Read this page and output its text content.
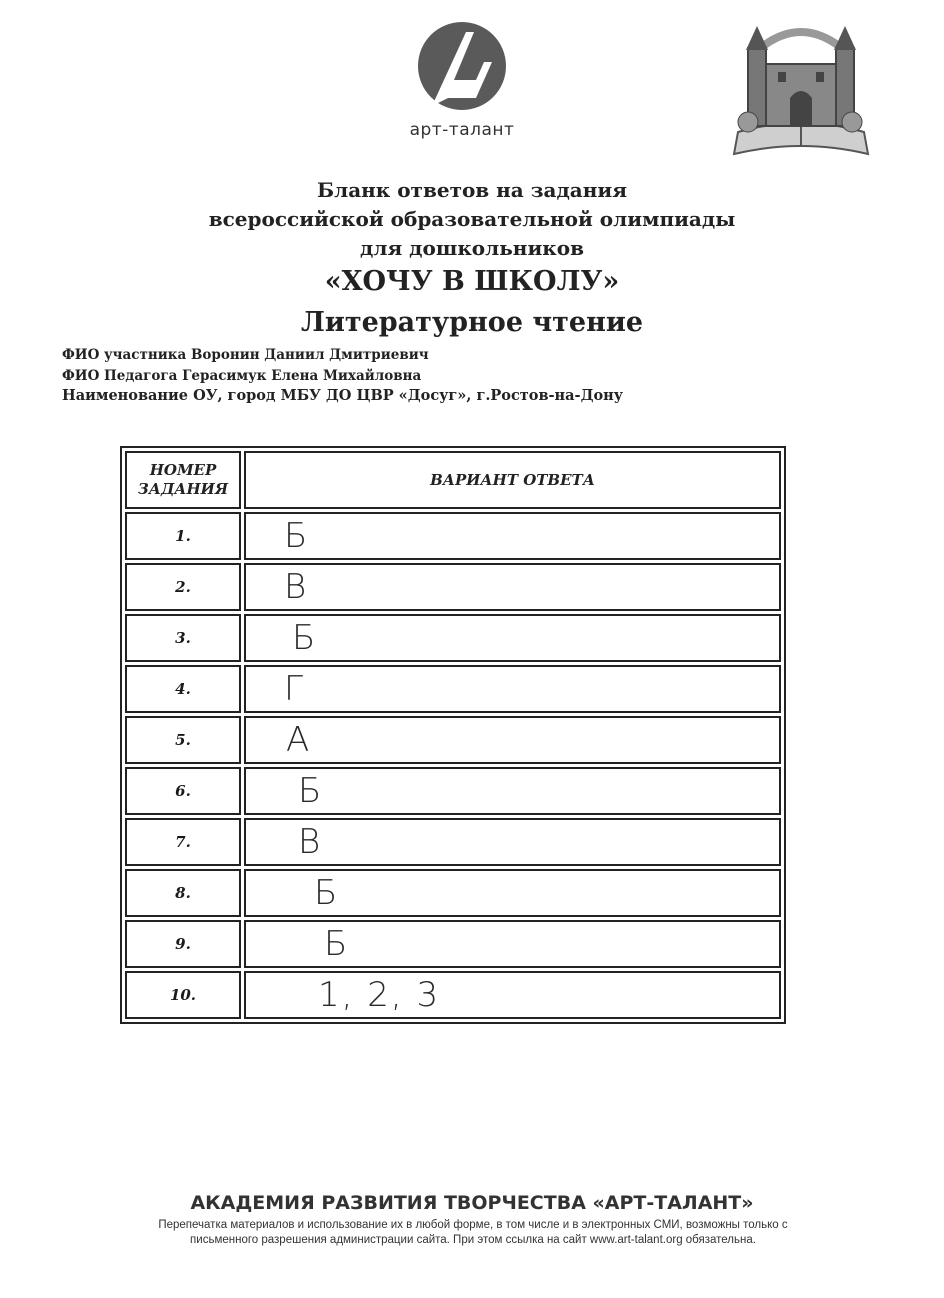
арт-талант
Бланк ответов на задания
всероссийской образовательной олимпиады
для дошкольников
«ХОЧУ В ШКОЛУ»
Литературное чтение
ФИО участника Воронин Даниил Дмитриевич
ФИО Педагога Герасимук Елена Михайловна
Наименование ОУ, город МБУ ДО ЦВР «Досуг», г.Ростов-на-Дону
НОМЕР
ЗАДАНИЯ	ВАРИАНТ ОТВЕТА
1.	Б

2.	В

3.	Б

4.	Г

5.	А

6.	Б

7.	В

8.	Б

9.	Б

10.	1, 2, 3
АКАДЕМИЯ РАЗВИТИЯ ТВОРЧЕСТВА «АРТ-ТАЛАНТ»
Перепечатка материалов и использование их в любой форме, в том числе и в электронных СМИ, возможны только с
письменного разрешения администрации сайта. При этом ссылка на сайт www.art-talant.org обязательна.
